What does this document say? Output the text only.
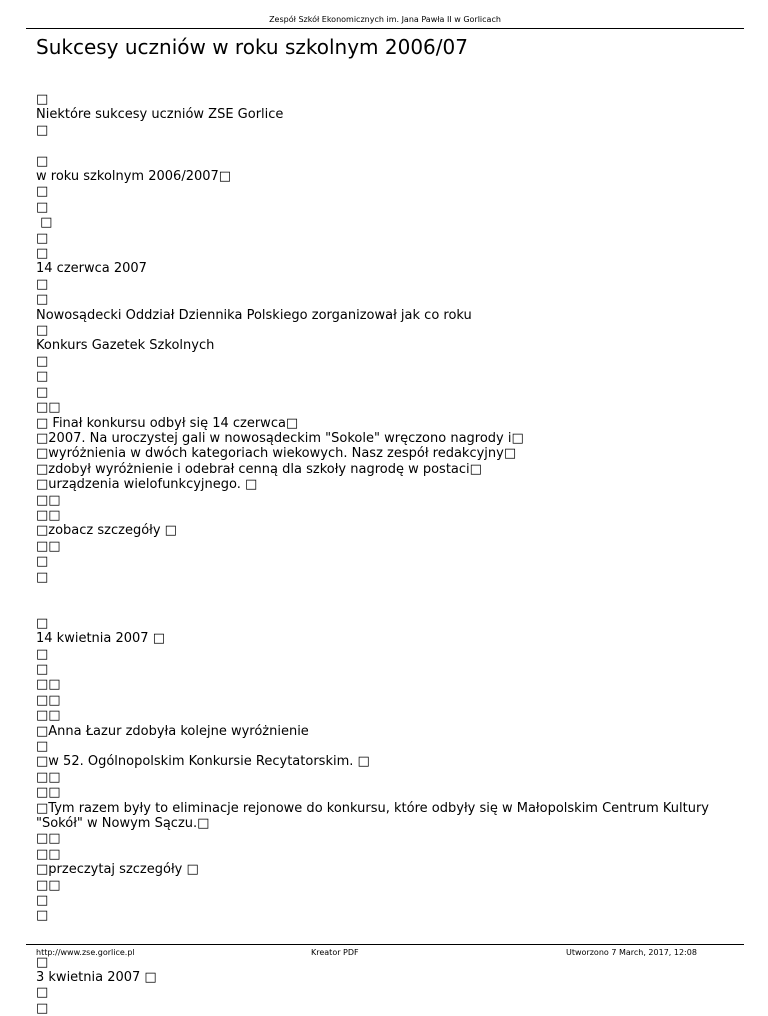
Zespół Szkół Ekonomicznych im. Jana Pawła II w Gorlicach
Sukcesy uczniów w roku szkolnym 2006/07
□
Niektóre sukcesy uczniów ZSE Gorlice
□
□
w roku szkolnym 2006/2007□
□
□
□
□
□
14 czerwca 2007
□
□
Nowosądecki Oddział Dziennika Polskiego zorganizował jak co roku
□
Konkurs Gazetek Szkolnych
□
□
□
□□
□ Finał konkursu odbył się 14 czerwca□
□2007. Na uroczystej gali w nowosądeckim "Sokole" wręczono nagrody i□
□wyróżnienia w dwóch kategoriach wiekowych. Nasz zespół redakcyjny□
□zdobył wyróżnienie i odebrał cenną dla szkoły nagrodę w postaci□
□urządzenia wielofunkcyjnego. □
□□
□□
□zobacz szczegóły □
□□
□
□
□
14 kwietnia 2007 □
□
□
□□
□□
□□
□Anna Łazur zdobyła kolejne wyróżnienie
□
□w 52. Ogólnopolskim Konkursie Recytatorskim. □
□□
□□
□Tym razem były to eliminacje rejonowe do konkursu, które odbyły się w Małopolskim Centrum Kultury "Sokół" w Nowym Sączu.□
□□
□□
□przeczytaj szczegóły □
□□
□
□
□
3 kwietnia 2007 □
□
□
http://www.zse.gorlice.pl	Kreator PDF	Utworzono 7 March, 2017, 12:08
